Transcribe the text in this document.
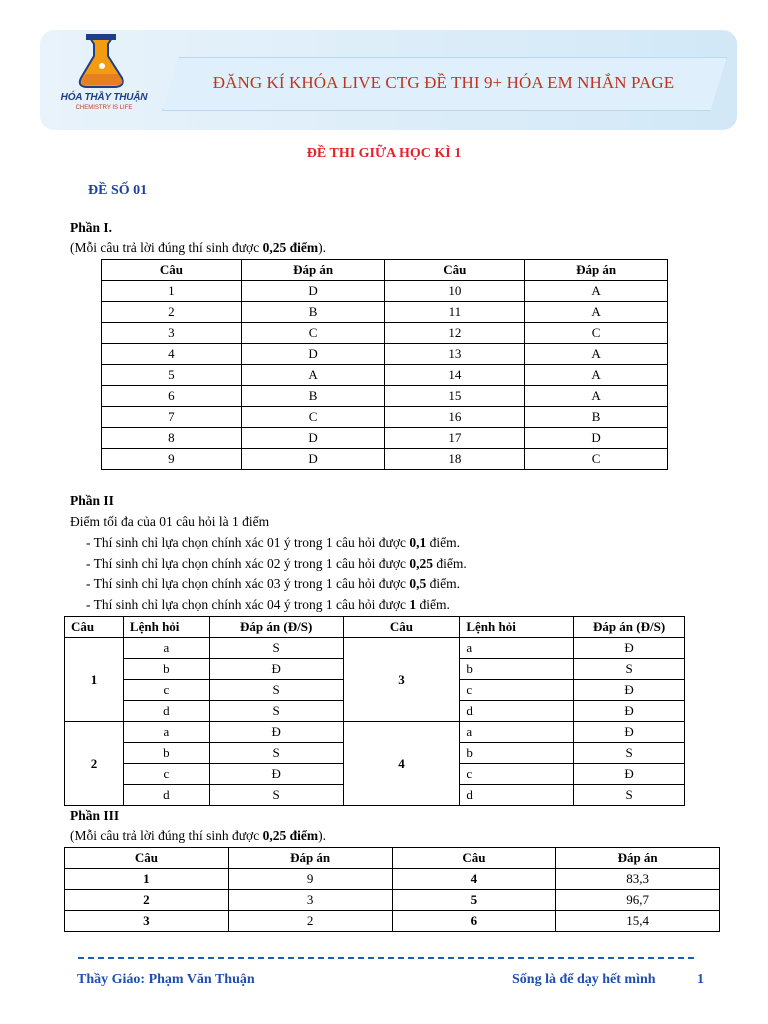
HÓA THẦY THUẬN
CHEMISTRY IS LIFE
ĐĂNG KÍ KHÓA LIVE CTG ĐỀ THI 9+ HÓA EM NHẮN PAGE
ĐỀ THI GIỮA HỌC KÌ 1
ĐỀ SỐ 01
Phần I.
(Mỗi câu trả lời đúng thí sinh được 0,25 điểm).
Câu	Đáp án	Câu	Đáp án
1	D	10	A
2	B	11	A
3	C	12	C
4	D	13	A
5	A	14	A
6	B	15	A
7	C	16	B
8	D	17	D
9	D	18	C
Phần II
Điểm tối đa của 01 câu hỏi là 1 điểm
- Thí sinh chỉ lựa chọn chính xác 01 ý trong 1 câu hỏi được 0,1 điểm.
- Thí sinh chỉ lựa chọn chính xác 02 ý trong 1 câu hỏi được 0,25 điểm.
- Thí sinh chỉ lựa chọn chính xác 03 ý trong 1 câu hỏi được 0,5 điểm.
- Thí sinh chỉ lựa chọn chính xác 04 ý trong 1 câu hỏi được 1 điểm.
Câu	Lệnh hỏi	Đáp án (Đ/S)	Câu	Lệnh hỏi	Đáp án (Đ/S)
1	a	S	3	a	Đ
	b	Đ		b	S
	c	S		c	Đ
	d	S		d	Đ
2	a	Đ	4	a	Đ
	b	S		b	S
	c	Đ		c	Đ
	d	S		d	S
Phần III
(Mỗi câu trả lời đúng thí sinh được 0,25 điểm).
Câu	Đáp án	Câu	Đáp án
1	9	4	83,3
2	3	5	96,7
3	2	6	15,4
Thầy Giáo: Phạm Văn Thuận	Sống là để dạy hết mình	1
